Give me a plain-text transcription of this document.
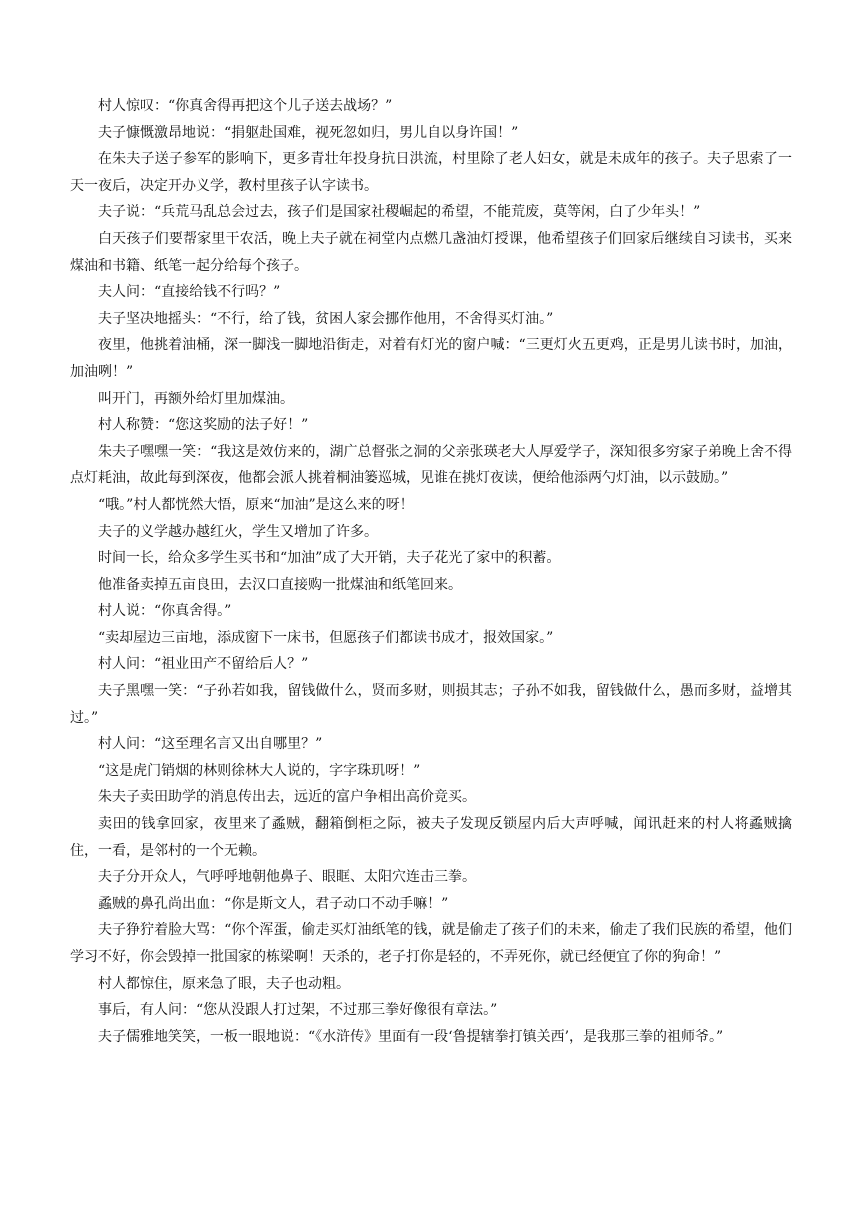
村人惊叹：“你真舍得再把这个儿子送去战场？”

夫子慷慨激昂地说：“捐躯赴国难，视死忽如归，男儿自以身许国！”

在朱夫子送子参军的影响下，更多青壮年投身抗日洪流，村里除了老人妇女，就是未成年的孩子。夫子思索了一天一夜后，决定开办义学，教村里孩子认字读书。

夫子说：“兵荒马乱总会过去，孩子们是国家社稷崛起的希望，不能荒废，莫等闲，白了少年头！”

白天孩子们要帮家里干农活，晚上夫子就在祠堂内点燃几盏油灯授课，他希望孩子们回家后继续自习读书，买来煤油和书籍、纸笔一起分给每个孩子。

夫人问：“直接给钱不行吗？”

夫子坚决地摇头：“不行，给了钱，贫困人家会挪作他用，不舍得买灯油。”

夜里，他挑着油桶，深一脚浅一脚地沿街走，对着有灯光的窗户喊：“三更灯火五更鸡，正是男儿读书时，加油，加油咧！”

叫开门，再额外给灯里加煤油。

村人称赞：“您这奖励的法子好！”

朱夫子嘿嘿一笑：“我这是效仿来的，湖广总督张之洞的父亲张瑛老大人厚爱学子，深知很多穷家子弟晚上舍不得点灯耗油，故此每到深夜，他都会派人挑着桐油篓巡城，见谁在挑灯夜读，便给他添两勺灯油，以示鼓励。”

“哦。”村人都恍然大悟，原来“加油”是这么来的呀！

夫子的义学越办越红火，学生又增加了许多。

时间一长，给众多学生买书和“加油”成了大开销，夫子花光了家中的积蓄。

他准备卖掉五亩良田，去汉口直接购一批煤油和纸笔回来。

村人说：“你真舍得。”

“卖却屋边三亩地，添成窗下一床书，但愿孩子们都读书成才，报效国家。”

村人问：“祖业田产不留给后人？”

夫子黑嘿一笑：“子孙若如我，留钱做什么，贤而多财，则损其志；子孙不如我，留钱做什么，愚而多财，益增其过。”

村人问：“这至理名言又出自哪里？”

“这是虎门销烟的林则徐林大人说的，字字珠玑呀！”

朱夫子卖田助学的消息传出去，远近的富户争相出高价竞买。

卖田的钱拿回家，夜里来了蟊贼，翻箱倒柜之际，被夫子发现反锁屋内后大声呼喊，闻讯赶来的村人将蟊贼擒住，一看，是邻村的一个无赖。

夫子分开众人，气呼呼地朝他鼻子、眼眶、太阳穴连击三拳。

蟊贼的鼻孔尚出血：“你是斯文人，君子动口不动手嘛！”

夫子狰狞着脸大骂：“你个浑蛋，偷走买灯油纸笔的钱，就是偷走了孩子们的未来，偷走了我们民族的希望，他们学习不好，你会毁掉一批国家的栋梁啊！天杀的，老子打你是轻的，不弄死你，就已经便宜了你的狗命！”

村人都惊住，原来急了眼，夫子也动粗。

事后，有人问：“您从没跟人打过架，不过那三拳好像很有章法。”

夫子儒雅地笑笑，一板一眼地说：“《水浒传》里面有一段‘鲁提辖拳打镇关西’，是我那三拳的祖师爷。”
